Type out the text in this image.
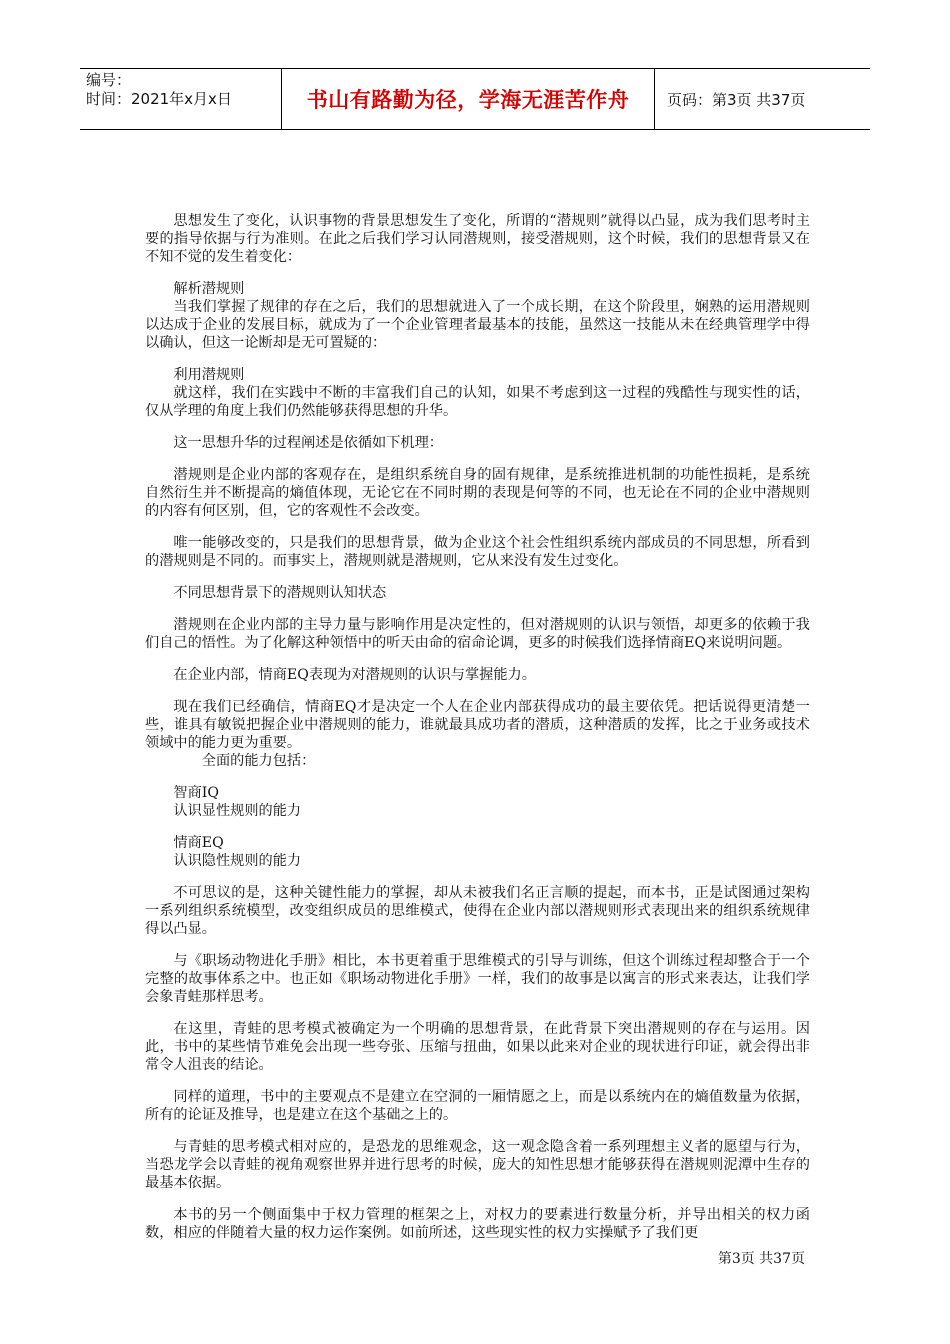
编号：
时间：2021年x月x日	书山有路勤为径，学海无涯苦作舟	页码：第3页 共37页

思想发生了变化，认识事物的背景思想发生了变化，所谓的“潜规则”就得以凸显，成为我们思考时主要的指导依据与行为准则。在此之后我们学习认同潜规则，接受潜规则，这个时候，我们的思想背景又在不知不觉的发生着变化：

解析潜规则

当我们掌握了规律的存在之后，我们的思想就进入了一个成长期，在这个阶段里，娴熟的运用潜规则以达成于企业的发展目标，就成为了一个企业管理者最基本的技能，虽然这一技能从未在经典管理学中得以确认，但这一论断却是无可置疑的：

利用潜规则

就这样，我们在实践中不断的丰富我们自己的认知，如果不考虑到这一过程的残酷性与现实性的话，仅从学理的角度上我们仍然能够获得思想的升华。

这一思想升华的过程阐述是依循如下机理：

潜规则是企业内部的客观存在，是组织系统自身的固有规律，是系统推进机制的功能性损耗，是系统自然衍生并不断提高的熵值体现，无论它在不同时期的表现是何等的不同，也无论在不同的企业中潜规则的内容有何区别，但，它的客观性不会改变。

唯一能够改变的，只是我们的思想背景，做为企业这个社会性组织系统内部成员的不同思想，所看到的潜规则是不同的。而事实上，潜规则就是潜规则，它从来没有发生过变化。

不同思想背景下的潜规则认知状态

潜规则在企业内部的主导力量与影响作用是决定性的，但对潜规则的认识与领悟，却更多的依赖于我们自己的悟性。为了化解这种领悟中的听天由命的宿命论调，更多的时候我们选择情商EQ来说明问题。

在企业内部，情商EQ表现为对潜规则的认识与掌握能力。

现在我们已经确信，情商EQ才是决定一个人在企业内部获得成功的最主要依凭。把话说得更清楚一些，谁具有敏锐把握企业中潜规则的能力，谁就最具成功者的潜质，这种潜质的发挥，比之于业务或技术领域中的能力更为重要。

全面的能力包括：

智商IQ

认识显性规则的能力

情商EQ

认识隐性规则的能力

不可思议的是，这种关键性能力的掌握，却从未被我们名正言顺的提起，而本书，正是试图通过架构一系列组织系统模型，改变组织成员的思维模式，使得在企业内部以潜规则形式表现出来的组织系统规律得以凸显。

与《职场动物进化手册》相比，本书更着重于思维模式的引导与训练，但这个训练过程却整合于一个完整的故事体系之中。也正如《职场动物进化手册》一样，我们的故事是以寓言的形式来表达，让我们学会象青蛙那样思考。

在这里，青蛙的思考模式被确定为一个明确的思想背景，在此背景下突出潜规则的存在与运用。因此，书中的某些情节难免会出现一些夸张、压缩与扭曲，如果以此来对企业的现状进行印证，就会得出非常令人沮丧的结论。

同样的道理，书中的主要观点不是建立在空洞的一厢情愿之上，而是以系统内在的熵值数量为依据，所有的论证及推导，也是建立在这个基础之上的。

与青蛙的思考模式相对应的，是恐龙的思维观念，这一观念隐含着一系列理想主义者的愿望与行为，当恐龙学会以青蛙的视角观察世界并进行思考的时候，庞大的知性思想才能够获得在潜规则泥潭中生存的最基本依据。

本书的另一个侧面集中于权力管理的框架之上，对权力的要素进行数量分析，并导出相关的权力函数，相应的伴随着大量的权力运作案例。如前所述，这些现实性的权力实操赋予了我们更

第3页 共37页
